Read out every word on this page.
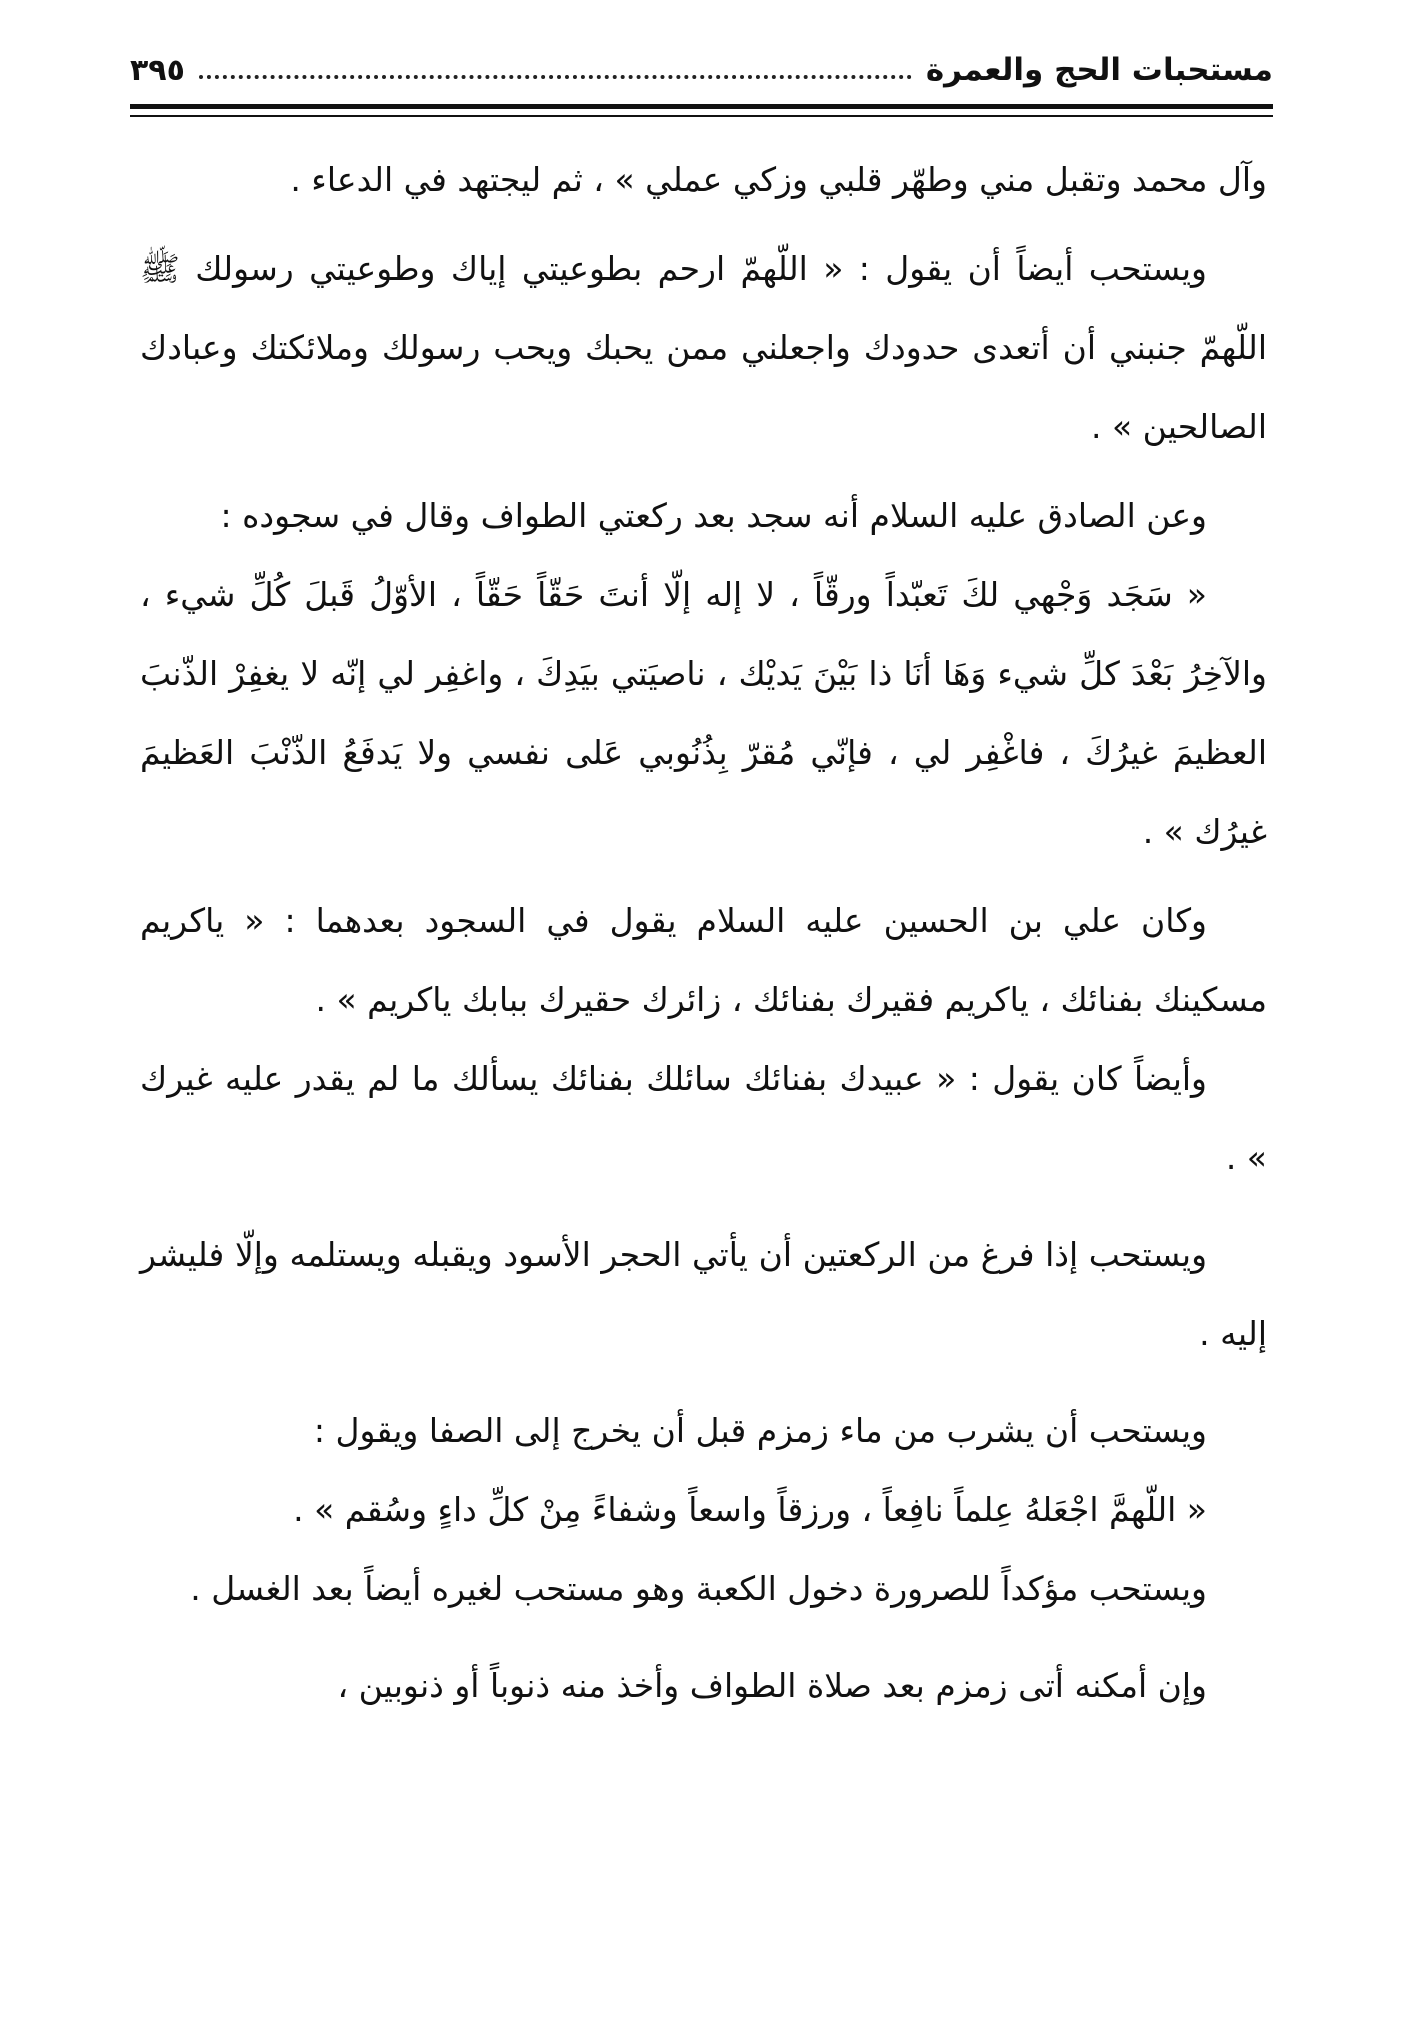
مستحبات الحج والعمرة
٣٩٥

وآل محمد وتقبل مني وطهّر قلبي وزكي عملي » ، ثم ليجتهد في الدعاء .

ويستحب أيضاً أن يقول : « اللّهمّ ارحم بطوعيتي إياك وطوعيتي رسولك ﷺ اللّهمّ جنبني أن أتعدى حدودك واجعلني ممن يحبك ويحب رسولك وملائكتك وعبادك الصالحين » .

وعن الصادق عليه السلام أنه سجد بعد ركعتي الطواف وقال في سجوده :

« سَجَد وَجْهي لكَ تَعبّداً ورقّاً ، لا إله إلّا أنتَ حَقّاً حَقّاً ، الأوّلُ قَبلَ كُلِّ شيء ، والآخِرُ بَعْدَ كلِّ شيء وَهَا أنَا ذا بَيْنَ يَديْك ، ناصيَتي بيَدِكَ ، واغفِر لي إنّه لا يغفِرْ الذّنبَ العظيمَ غيرُكَ ، فاغْفِر لي ، فإنّي مُقرّ بِذُنُوبي عَلى نفسي ولا يَدفَعُ الذّنْبَ العَظيمَ غيرُك » .

وكان علي بن الحسين عليه السلام يقول في السجود بعدهما : « ياكريم مسكينك بفنائك ، ياكريم فقيرك بفنائك ، زائرك حقيرك ببابك ياكريم » .

وأيضاً كان يقول : « عبيدك بفنائك سائلك بفنائك يسألك ما لم يقدر عليه غيرك » .

ويستحب إذا فرغ من الركعتين أن يأتي الحجر الأسود ويقبله ويستلمه وإلّا فليشر إليه .

ويستحب أن يشرب من ماء زمزم قبل أن يخرج إلى الصفا ويقول :

« اللّهمَّ اجْعَلهُ عِلماً نافِعاً ، ورزقاً واسعاً وشفاءً مِنْ كلِّ داءٍ وسُقم » .

ويستحب مؤكداً للصرورة دخول الكعبة وهو مستحب لغيره أيضاً بعد الغسل .

وإن أمكنه أتى زمزم بعد صلاة الطواف وأخذ منه ذنوباً أو ذنوبين ،
